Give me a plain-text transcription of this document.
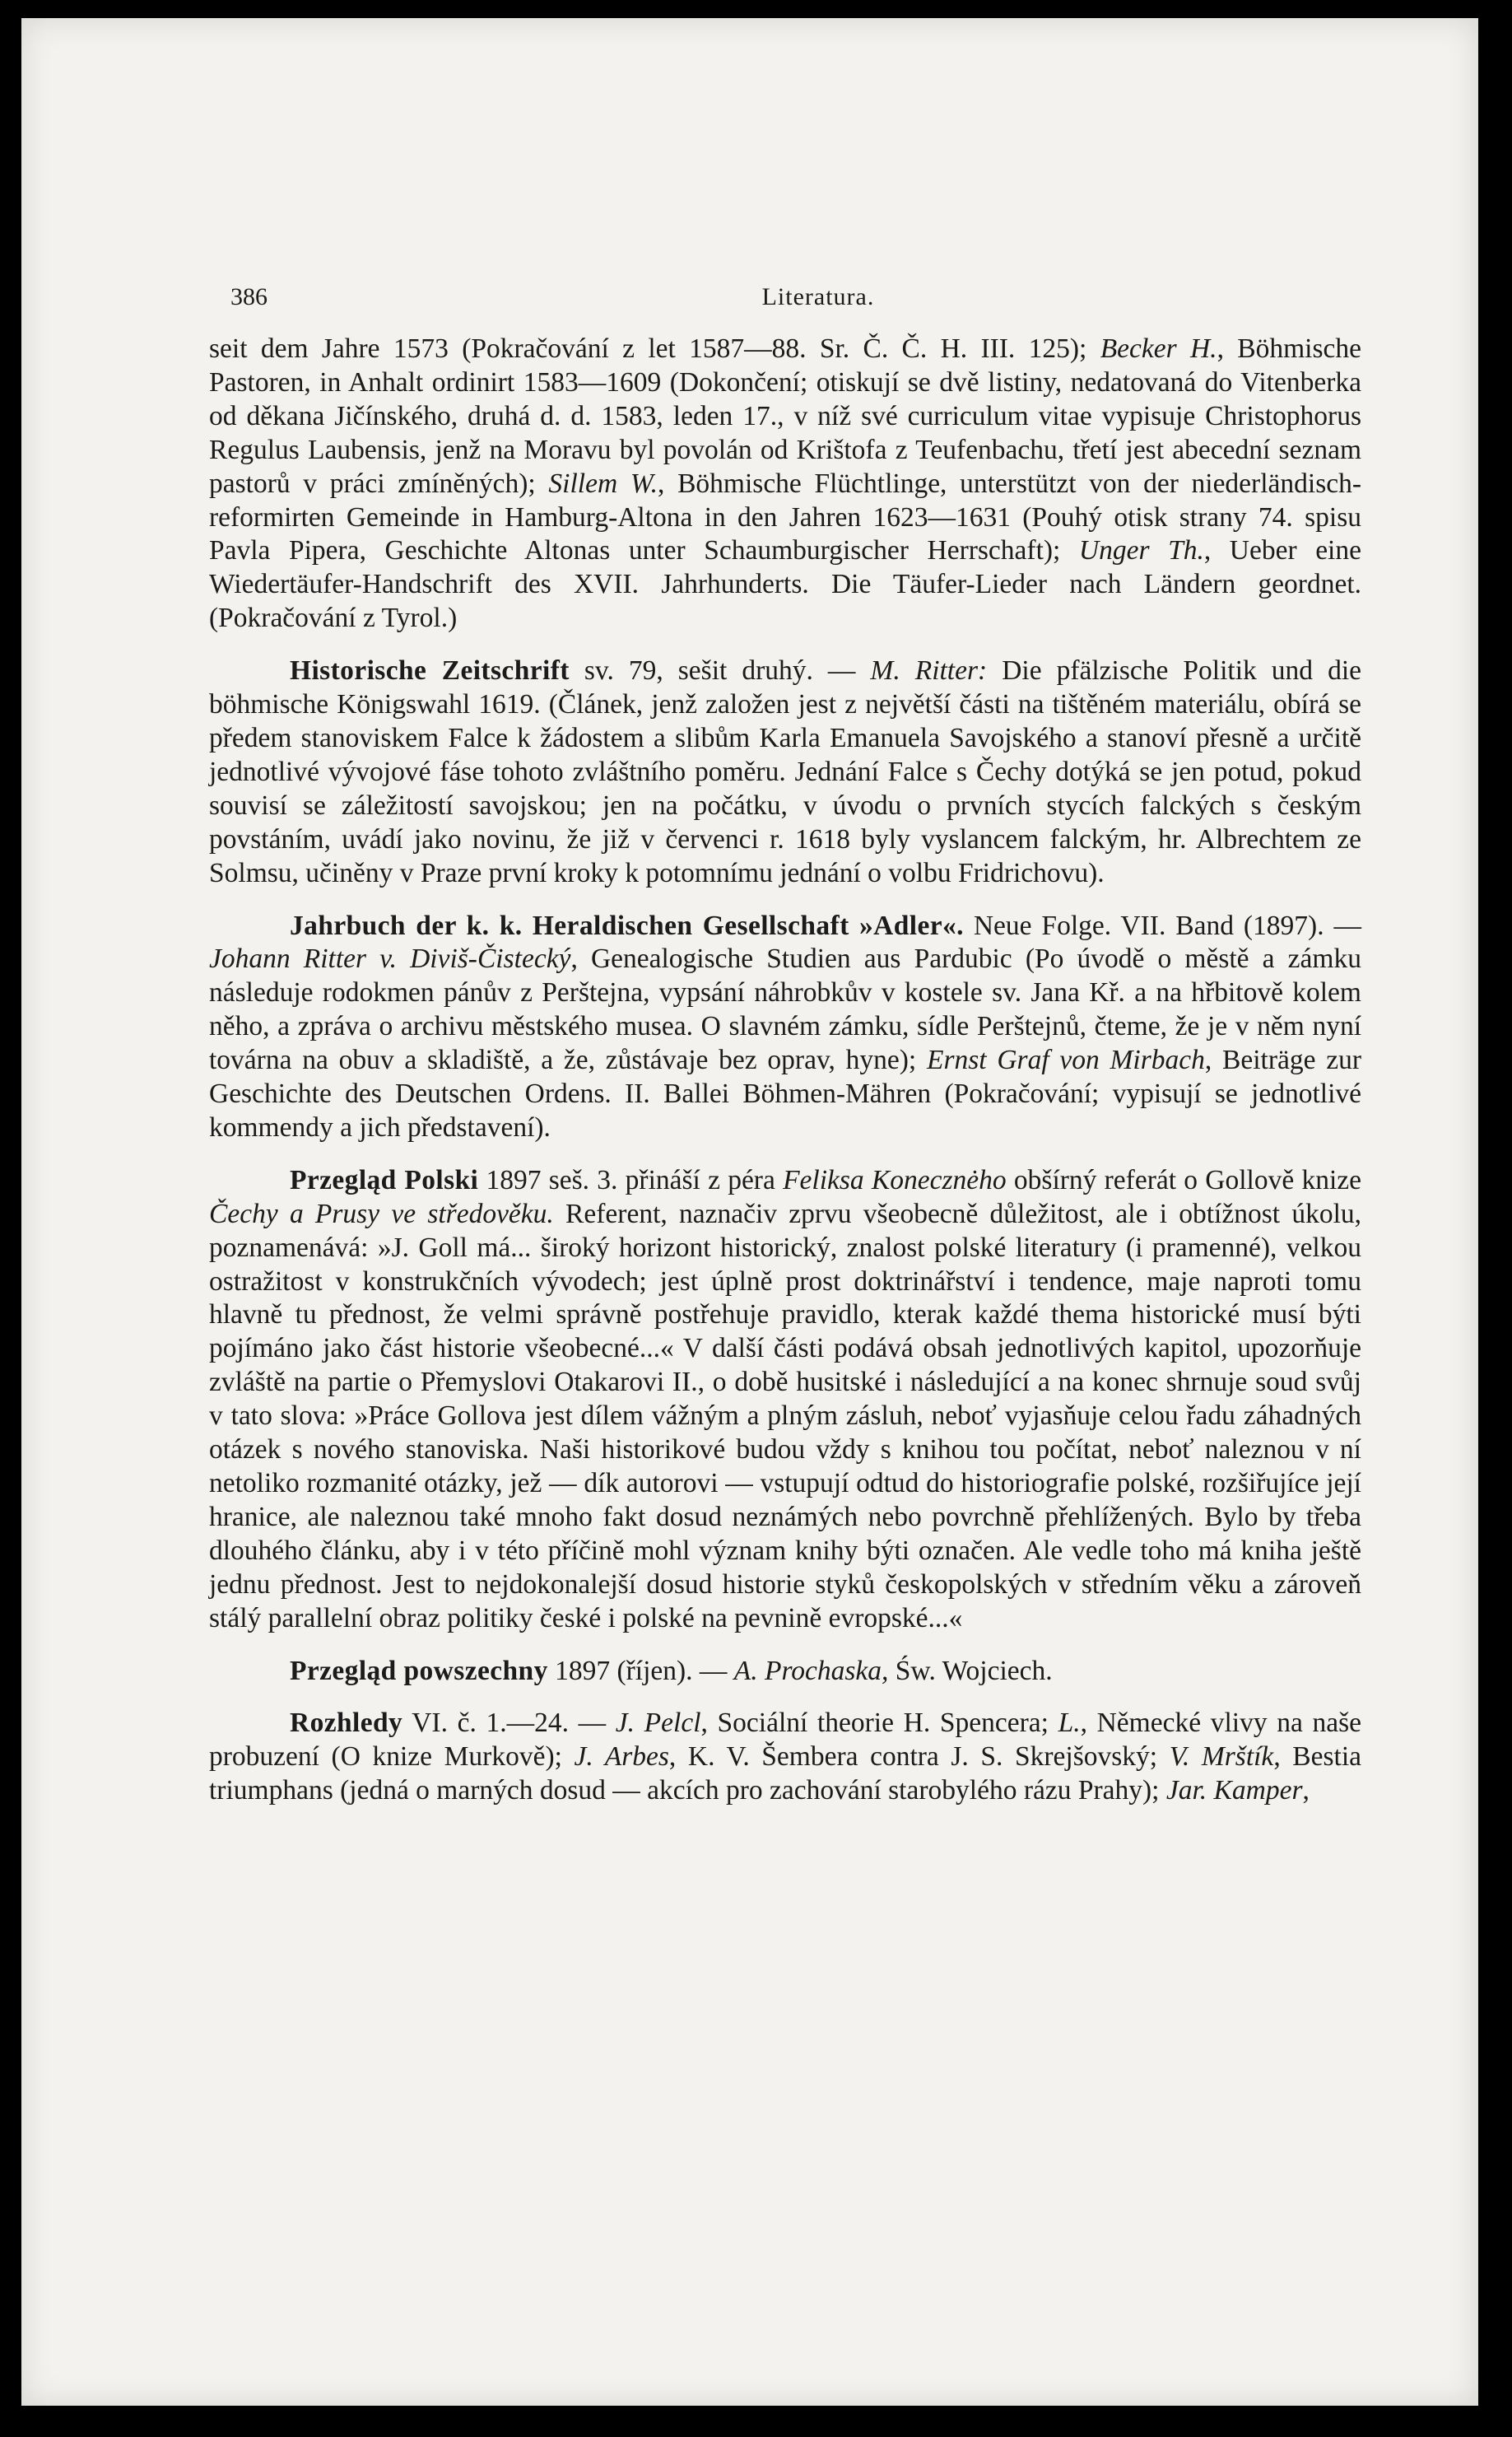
386	Literatura.

seit dem Jahre 1573 (Pokračování z let 1587—88. Sr. Č. Č. H. III. 125); Becker H., Böhmische Pastoren, in Anhalt ordinirt 1583—1609 (Dokončení; otiskují se dvě listiny, nedatovaná do Vitenberka od děkana Jičínského, druhá d. d. 1583, leden 17., v níž své curriculum vitae vypisuje Christophorus Regulus Laubensis, jenž na Moravu byl povolán od Krištofa z Teufenbachu, třetí jest abecední seznam pastorů v práci zmíněných); Sillem W., Böhmische Flüchtlinge, unterstützt von der niederländisch-reformirten Gemeinde in Hamburg-Altona in den Jahren 1623—1631 (Pouhý otisk strany 74. spisu Pavla Pipera, Geschichte Altonas unter Schaumburgischer Herrschaft); Unger Th., Ueber eine Wiedertäufer-Handschrift des XVII. Jahrhunderts. Die Täufer-Lieder nach Ländern geordnet. (Pokračování z Tyrol.)

Historische Zeitschrift sv. 79, sešit druhý. — M. Ritter: Die pfälzische Politik und die böhmische Königswahl 1619. (Článek, jenž založen jest z největší části na tištěném materiálu, obírá se předem stanoviskem Falce k žádostem a slibům Karla Emanuela Savojského a stanoví přesně a určitě jednotlivé vývojové fáse tohoto zvláštního poměru. Jednání Falce s Čechy dotýká se jen potud, pokud souvisí se záležitostí savojskou; jen na počátku, v úvodu o prvních stycích falckých s českým povstáním, uvádí jako novinu, že již v červenci r. 1618 byly vyslancem falckým, hr. Albrechtem ze Solmsu, učiněny v Praze první kroky k potomnímu jednání o volbu Fridrichovu).

Jahrbuch der k. k. Heraldischen Gesellschaft »Adler«. Neue Folge. VII. Band (1897). — Johann Ritter v. Diviš-Čistecký, Genealogische Studien aus Pardubic (Po úvodě o městě a zámku následuje rodokmen pánův z Perštejna, vypsání náhrobkův v kostele sv. Jana Kř. a na hřbitově kolem něho, a zpráva o archivu městského musea. O slavném zámku, sídle Perštejnů, čteme, že je v něm nyní továrna na obuv a skladiště, a že, zůstávaje bez oprav, hyne); Ernst Graf von Mirbach, Beiträge zur Geschichte des Deutschen Ordens. II. Ballei Böhmen-Mähren (Pokračování; vypisují se jednotlivé kommendy a jich představení).

Przegląd Polski 1897 seš. 3. přináší z péra Feliksa Konecznėho obšírný referát o Gollově knize Čechy a Prusy ve středověku. Referent, naznačiv zprvu všeobecně důležitost, ale i obtížnost úkolu, poznamenává: »J. Goll má... široký horizont historický, znalost polské literatury (i pramenné), velkou ostražitost v konstrukčních vývodech; jest úplně prost doktrinářství i tendence, maje naproti tomu hlavně tu přednost, že velmi správně postřehuje pravidlo, kterak každé thema historické musí býti pojímáno jako část historie všeobecné...« V další části podává obsah jednotlivých kapitol, upozorňuje zvláště na partie o Přemyslovi Otakarovi II., o době husitské i následující a na konec shrnuje soud svůj v tato slova: »Práce Gollova jest dílem vážným a plným zásluh, neboť vyjasňuje celou řadu záhadných otázek s nového stanoviska. Naši historikové budou vždy s knihou tou počítat, neboť naleznou v ní netoliko rozmanité otázky, jež — dík autorovi — vstupují odtud do historiografie polské, rozšiřujíce její hranice, ale naleznou také mnoho fakt dosud neznámých nebo povrchně přehlížených. Bylo by třeba dlouhého článku, aby i v této příčině mohl význam knihy býti označen. Ale vedle toho má kniha ještě jednu přednost. Jest to nejdokonalejší dosud historie styků českopolských v středním věku a zároveň stálý parallelní obraz politiky české i polské na pevnině evropské...«

Przegląd powszechny 1897 (říjen). — A. Prochaska, Św. Wojciech.

Rozhledy VI. č. 1.—24. — J. Pelcl, Sociální theorie H. Spencera; L., Německé vlivy na naše probuzení (O knize Murkově); J. Arbes, K. V. Šembera contra J. S. Skrejšovský; V. Mrštík, Bestia triumphans (jedná o marných dosud — akcích pro zachování starobylého rázu Prahy); Jar. Kamper,
